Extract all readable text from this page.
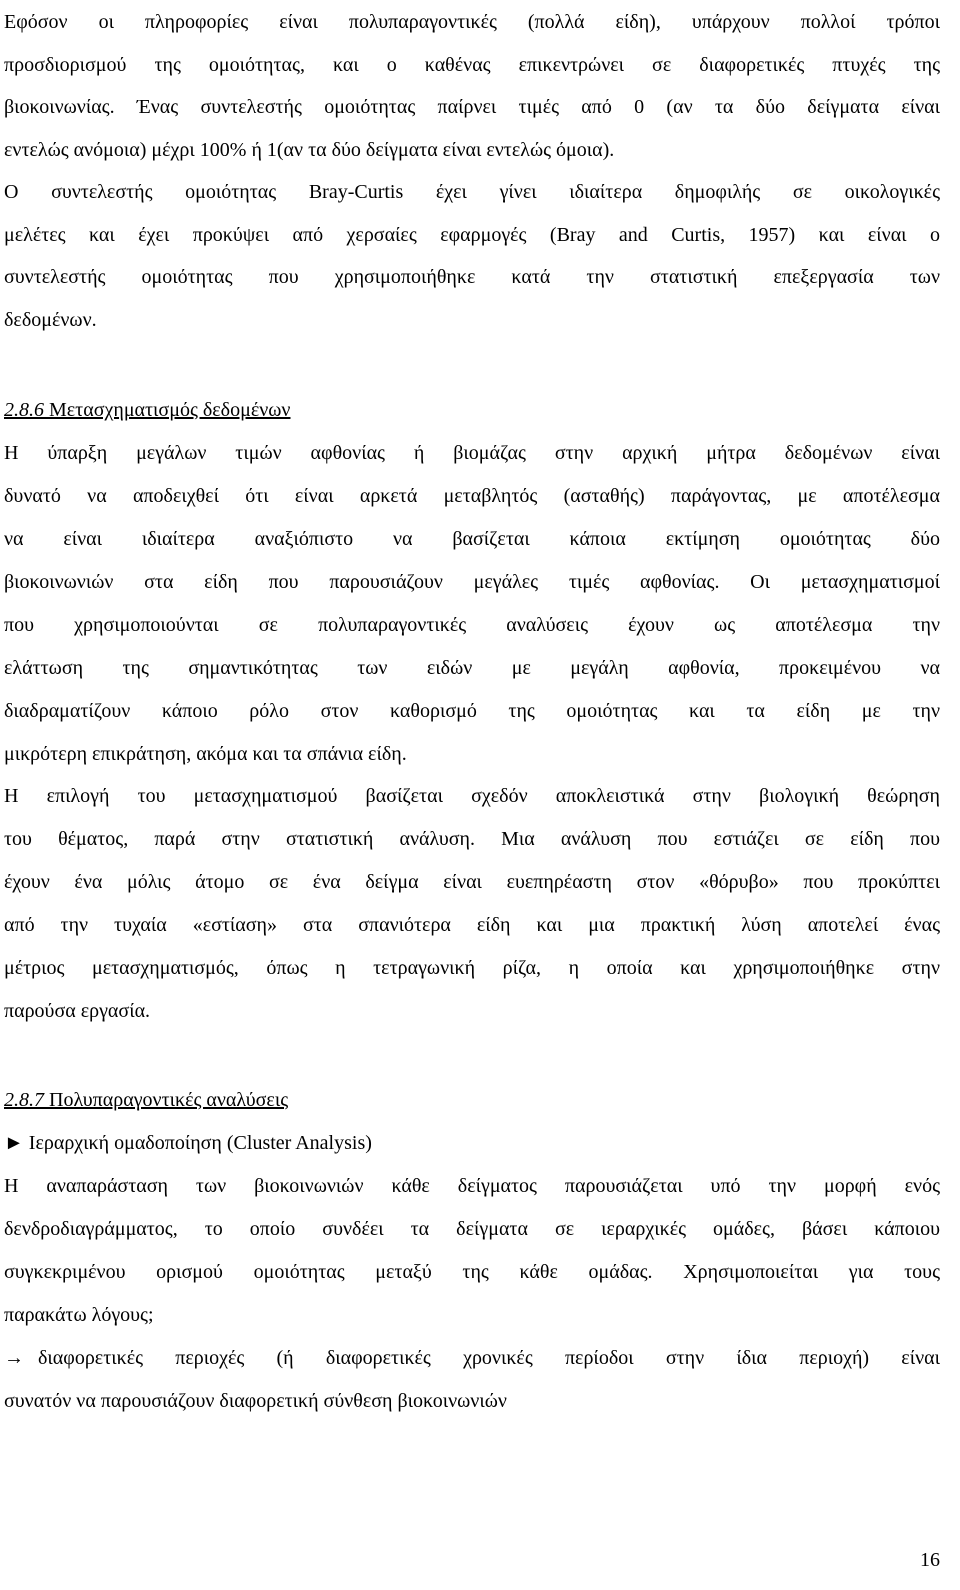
Εφόσον οι πληροφορίες είναι πολυπαραγοντικές (πολλά είδη), υπάρχουν πολλοί τρόποι
προσδιορισμού της ομοιότητας, και ο καθένας επικεντρώνει σε διαφορετικές πτυχές της
βιοκοινωνίας. Ένας συντελεστής ομοιότητας παίρνει τιμές από 0 (αν τα δύο δείγματα είναι
εντελώς ανόμοια) μέχρι 100% ή 1(αν τα δύο δείγματα είναι εντελώς όμοια).
Ο συντελεστής ομοιότητας Bray-Curtis έχει γίνει ιδιαίτερα δημοφιλής σε οικολογικές
μελέτες και έχει προκύψει από χερσαίες εφαρμογές (Bray and Curtis, 1957) και είναι ο
συντελεστής ομοιότητας που χρησιμοποιήθηκε κατά την στατιστική επεξεργασία των
δεδομένων.
2.8.6 Μετασχηματισμός δεδομένων
Η ύπαρξη μεγάλων τιμών αφθονίας ή βιομάζας στην αρχική μήτρα δεδομένων είναι
δυνατό να αποδειχθεί ότι είναι αρκετά μεταβλητός (ασταθής) παράγοντας, με αποτέλεσμα
να είναι ιδιαίτερα αναξιόπιστο να βασίζεται κάποια εκτίμηση ομοιότητας δύο
βιοκοινωνιών στα είδη που παρουσιάζουν μεγάλες τιμές αφθονίας. Οι μετασχηματισμοί
που χρησιμοποιούνται σε πολυπαραγοντικές αναλύσεις έχουν ως αποτέλεσμα την
ελάττωση της σημαντικότητας των ειδών με μεγάλη αφθονία, προκειμένου να
διαδραματίζουν κάποιο ρόλο στον καθορισμό της ομοιότητας και τα είδη με την
μικρότερη επικράτηση, ακόμα και τα σπάνια είδη.
Η επιλογή του μετασχηματισμού βασίζεται σχεδόν αποκλειστικά στην βιολογική θεώρηση
του θέματος, παρά στην στατιστική ανάλυση. Μια ανάλυση που εστιάζει σε είδη που
έχουν ένα μόλις άτομο σε ένα δείγμα είναι ευεπηρέαστη στον «θόρυβο» που προκύπτει
από την τυχαία «εστίαση» στα σπανιότερα είδη και μια πρακτική λύση αποτελεί ένας
μέτριος μετασχηματισμός, όπως η τετραγωνική ρίζα, η οποία και χρησιμοποιήθηκε στην
παρούσα εργασία.
2.8.7 Πολυπαραγοντικές αναλύσεις
► Ιεραρχική ομαδοποίηση (Cluster Analysis)
Η αναπαράσταση των βιοκοινωνιών κάθε δείγματος παρουσιάζεται υπό την μορφή ενός
δενδροδιαγράμματος, το οποίο συνδέει τα δείγματα σε ιεραρχικές ομάδες, βάσει κάποιου
συγκεκριμένου ορισμού ομοιότητας μεταξύ της κάθε ομάδας. Χρησιμοποιείται για τους
παρακάτω λόγους;
→ διαφορετικές περιοχές (ή διαφορετικές χρονικές περίοδοι στην ίδια περιοχή) είναι
συνατόν να παρουσιάζουν διαφορετική σύνθεση βιοκοινωνιών
16
